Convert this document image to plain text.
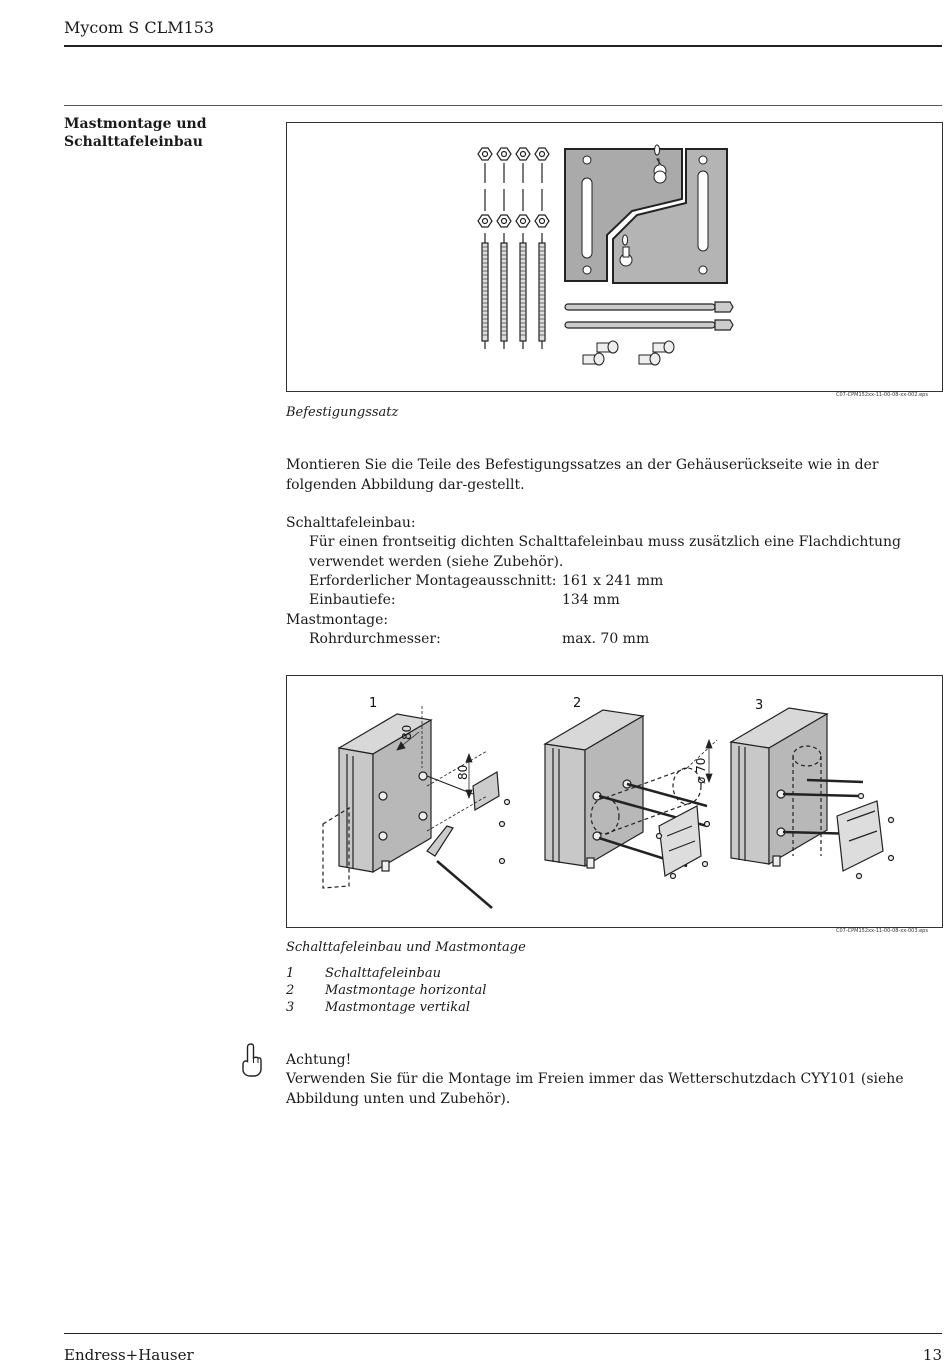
Mycom S CLM153
Mastmontage und Schalttafeleinbau
C07-CPM152xx-11-00-08-xx-002.eps
Befestigungssatz
Montieren Sie die Teile des Befestigungssatzes an der Gehäuserückseite wie in der folgenden Abbildung dar-gestellt.
Schalttafeleinbau:
Für einen frontseitig dichten Schalttafeleinbau muss zusätzlich eine Flachdichtung verwendet werden (siehe Zubehör).
Erforderlicher Montageausschnitt: 161 x 241 mm
Einbautiefe:	134 mm
Mastmontage:
Rohrdurchmesser:	max. 70 mm
1	2	3
80
80	ø 70
C07-CPM152xx-11-00-08-xx-003.eps
Schalttafeleinbau und Mastmontage
1 Schalttafeleinbau
2 Mastmontage horizontal
3 Mastmontage vertikal
Achtung!
Verwenden Sie für die Montage im Freien immer das Wetterschutzdach CYY101 (siehe Abbildung unten und Zubehör).
Endress+Hauser	13
